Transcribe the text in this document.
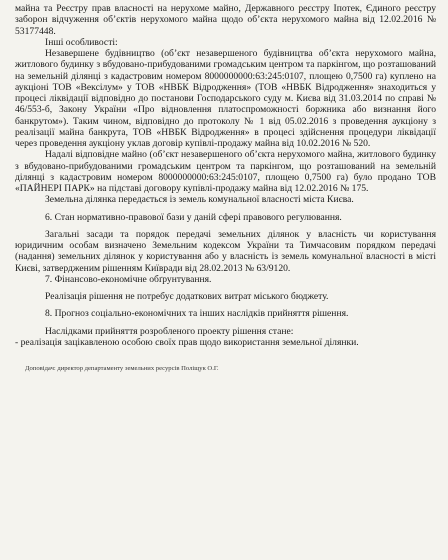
майна та Реєстру прав власності на нерухоме майно, Державного реєстру Іпотек, Єдиного реєстру заборон відчуження об’єктів нерухомого майна щодо об’єкта нерухомого майна від 12.02.2016 № 53177448.

Інші особливості:

Незавершене будівництво (об’єкт незавершеного будівництва об’єкта нерухомого майна, житлового будинку з вбудовано-прибудованими громадським центром та паркінгом, що розташований на земельній ділянці з кадастровим номером 8000000000:63:245:0107, площею 0,7500 га) куплено на аукціоні ТОВ «Вексілум» у ТОВ «НВБК Відродження» (ТОВ «НВБК Відродження» знаходиться у процесі ліквідації відповідно до постанови Господарського суду м. Києва від 31.03.2014 по справі № 46/553-б, Закону України «Про відновлення платоспроможності боржника або визнання його банкрутом»). Таким чином, відповідно до протоколу № 1 від 05.02.2016 з проведення аукціону з реалізації майна банкрута, ТОВ «НВБК Відродження» в процесі здійснення процедури ліквідації через проведення аукціону уклав договір купівлі-продажу майна від 10.02.2016 № 520.

Надалі відповідне майно (об’єкт незавершеного об’єкта нерухомого майна, житлового будинку з вбудовано-прибудованими громадським центром та паркінгом, що розташований на земельній ділянці з кадастровим номером 8000000000:63:245:0107, площею 0,7500 га) було продано ТОВ «ПАЙНЕРІ ПАРК» на підставі договору купівлі-продажу майна від 12.02.2016 № 175.

Земельна ділянка передається із земель комунальної власності міста Києва.

6. Стан нормативно-правової бази у даній сфері правового регулювання.

Загальні засади та порядок передачі земельних ділянок у власність чи користування юридичним особам визначено Земельним кодексом України та Тимчасовим порядком передачі (надання) земельних ділянок у користування або у власність із земель комунальної власності в місті Києві, затвердженим рішенням Київради від 28.02.2013 № 63/9120.

7. Фінансово-економічне обґрунтування.

Реалізація рішення не потребує додаткових витрат міського бюджету.

8. Прогноз соціально-економічних та інших наслідків прийняття рішення.

Наслідками прийняття розробленого проекту рішення стане:

- реалізація зацікавленою особою своїх прав щодо використання земельної ділянки.

Доповідач: директор департаменту земельних ресурсів Поліщук О.Г.
